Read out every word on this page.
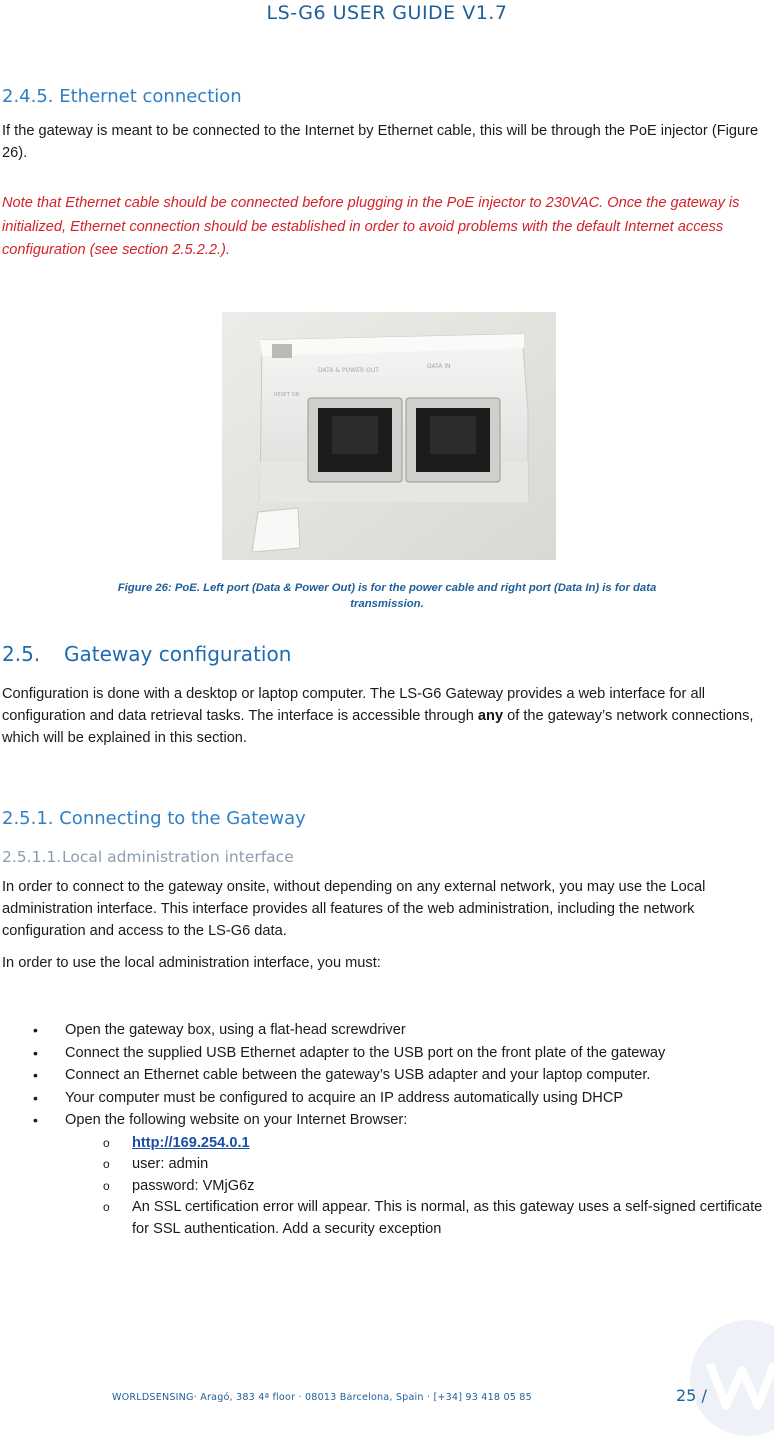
LS-G6 USER GUIDE V1.7
2.4.5. Ethernet connection

If the gateway is meant to be connected to the Internet by Ethernet cable, this will be through the PoE injector (Figure 26).

Note that Ethernet cable should be connected before plugging in the PoE injector to 230VAC. Once the gateway is initialized, Ethernet connection should be established in order to avoid problems with the default Internet access configuration (see section 2.5.2.2.).

DATA & POWER OUT
DATA IN
RESET ON

Figure 26: PoE. Left port (Data & Power Out) is for the power cable and right port (Data In) is for data transmission.

2.5. Gateway configuration

Configuration is done with a desktop or laptop computer. The LS-G6 Gateway provides a web interface for all configuration and data retrieval tasks. The interface is accessible through any of the gateway’s network connections, which will be explained in this section.

2.5.1. Connecting to the Gateway
2.5.1.1.Local administration interface

In order to connect to the gateway onsite, without depending on any external network, you may use the Local administration interface. This interface provides all features of the web administration, including the network configuration and access to the LS-G6 data.

In order to use the local administration interface, you must:

• Open the gateway box, using a flat-head screwdriver
• Connect the supplied USB Ethernet adapter to the USB port on the front plate of the gateway
• Connect an Ethernet cable between the gateway’s USB adapter and your laptop computer.
• Your computer must be configured to acquire an IP address automatically using DHCP
• Open the following website on your Internet Browser:
o http://169.254.0.1
o user: admin
o password: VMjG6z
o An SSL certification error will appear. This is normal, as this gateway uses a self-signed certificate for SSL authentication. Add a security exception
WORLDSENSING· Aragó, 383 4ª floor · 08013 Barcelona, Spain · [+34] 93 418 05 85	25 /
